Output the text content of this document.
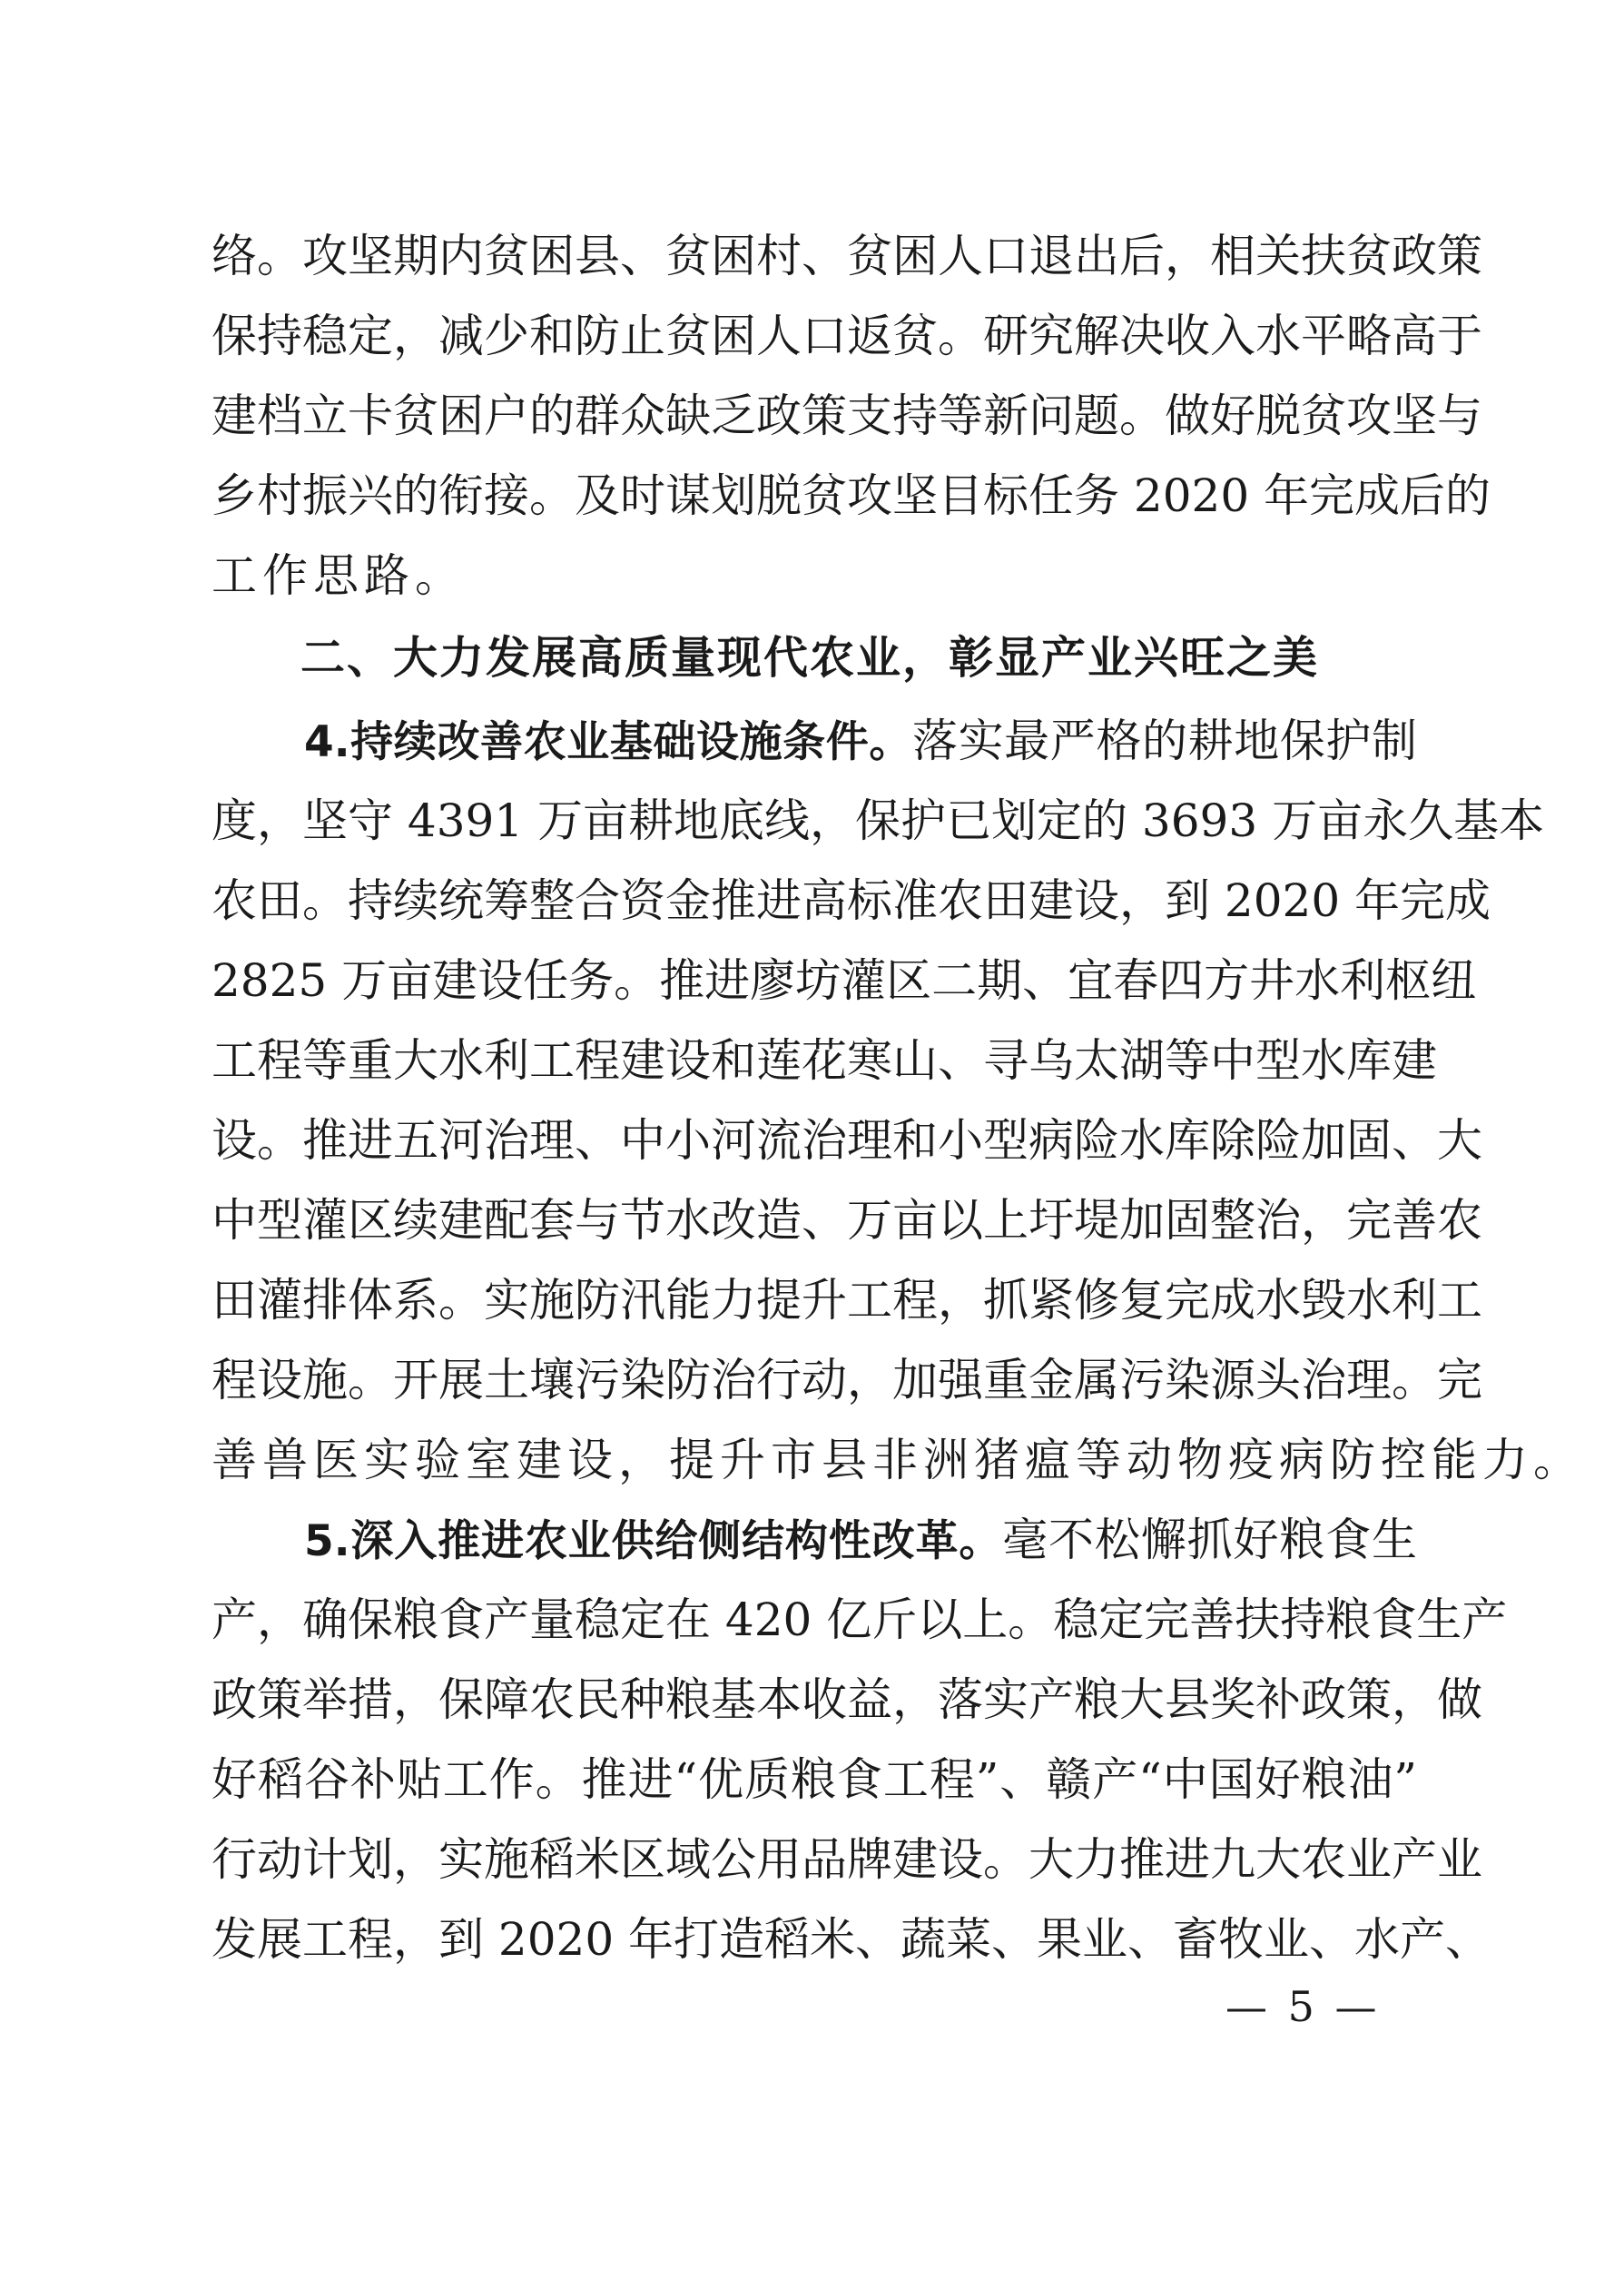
络。攻坚期内贫困县、贫困村、贫困人口退出后，相关扶贫政策
保持稳定，减少和防止贫困人口返贫。研究解决收入水平略高于
建档立卡贫困户的群众缺乏政策支持等新问题。做好脱贫攻坚与
乡村振兴的衔接。及时谋划脱贫攻坚目标任务 2020 年完成后的
工作思路。
二、大力发展高质量现代农业，彰显产业兴旺之美
4.持续改善农业基础设施条件。落实最严格的耕地保护制
度，坚守 4391 万亩耕地底线，保护已划定的 3693 万亩永久基本
农田。持续统筹整合资金推进高标准农田建设，到 2020 年完成
2825 万亩建设任务。推进廖坊灌区二期、宜春四方井水利枢纽
工程等重大水利工程建设和莲花寒山、寻乌太湖等中型水库建
设。推进五河治理、中小河流治理和小型病险水库除险加固、大
中型灌区续建配套与节水改造、万亩以上圩堤加固整治，完善农
田灌排体系。实施防汛能力提升工程，抓紧修复完成水毁水利工
程设施。开展土壤污染防治行动，加强重金属污染源头治理。完
善兽医实验室建设，提升市县非洲猪瘟等动物疫病防控能力。
5.深入推进农业供给侧结构性改革。毫不松懈抓好粮食生
产，确保粮食产量稳定在 420 亿斤以上。稳定完善扶持粮食生产
政策举措，保障农民种粮基本收益，落实产粮大县奖补政策，做
好稻谷补贴工作。推进“优质粮食工程”、赣产“中国好粮油”
行动计划，实施稻米区域公用品牌建设。大力推进九大农业产业
发展工程，到 2020 年打造稻米、蔬菜、果业、畜牧业、水产、
— 5 —
